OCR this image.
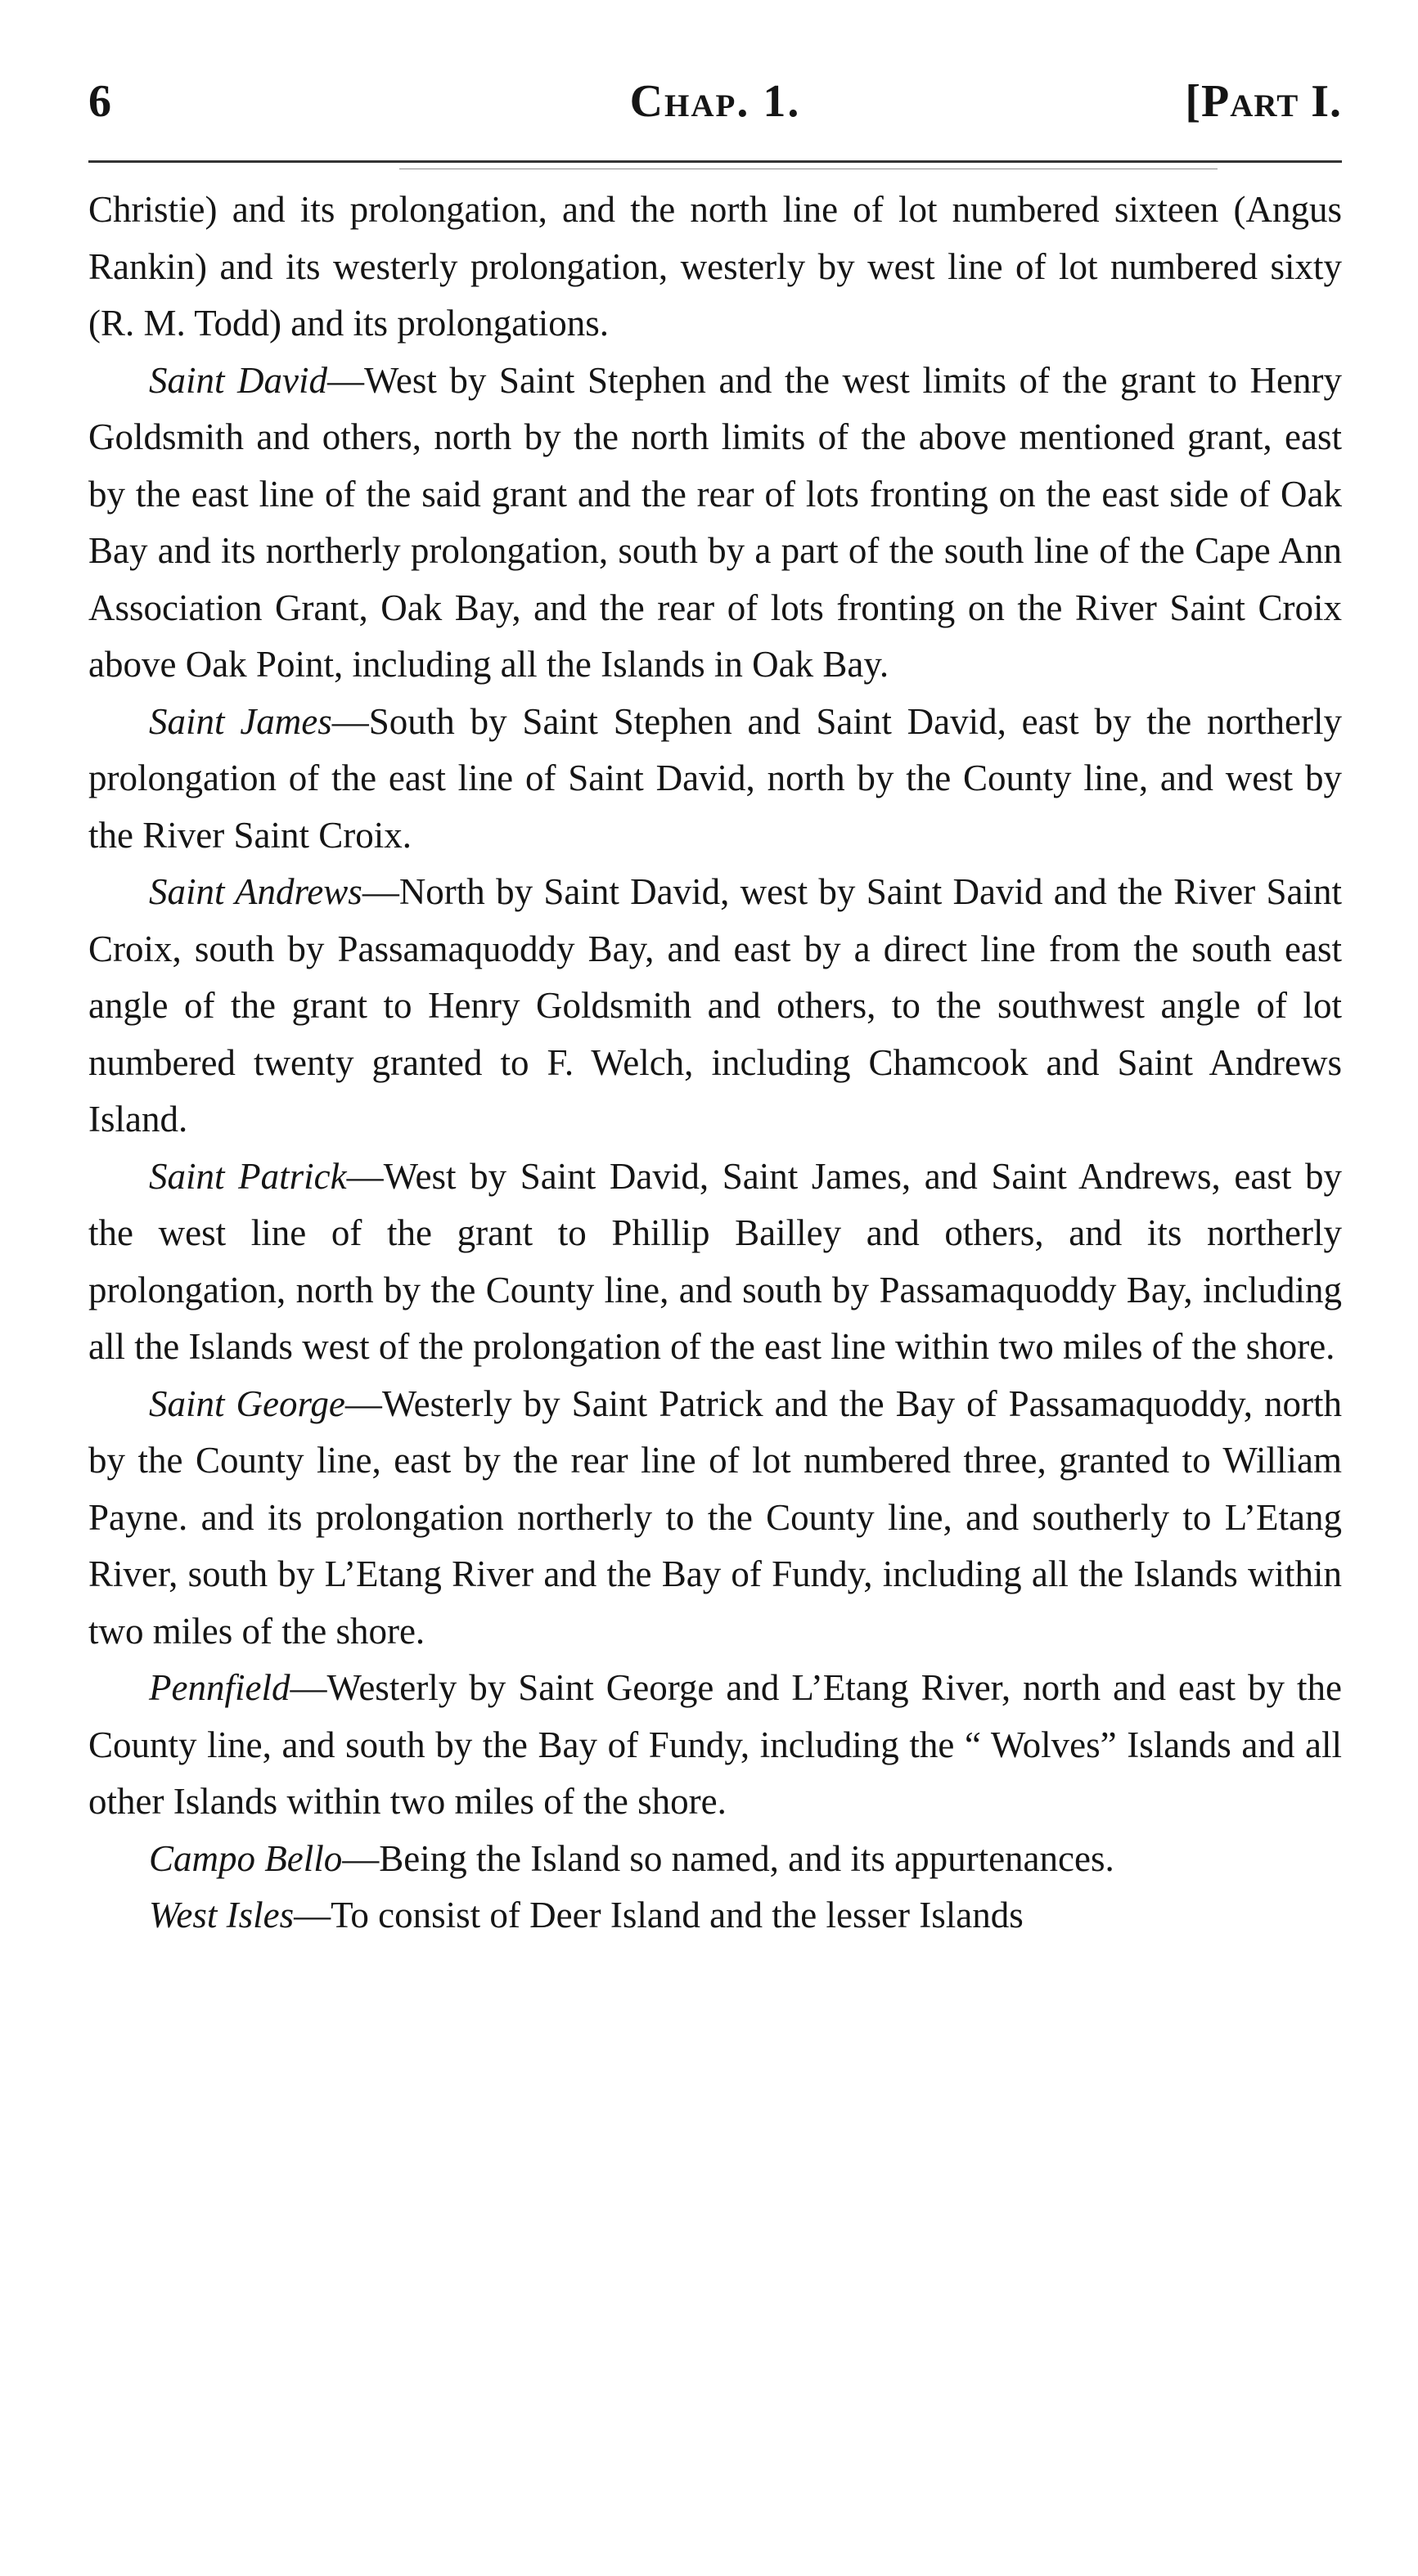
6	Chap. 1.	[Part I.

Christie) and its prolongation, and the north line of lot numbered sixteen (Angus Rankin) and its westerly prolongation, westerly by west line of lot numbered sixty (R. M. Todd) and its prolongations.

Saint David—West by Saint Stephen and the west limits of the grant to Henry Goldsmith and others, north by the north limits of the above mentioned grant, east by the east line of the said grant and the rear of lots fronting on the east side of Oak Bay and its northerly prolongation, south by a part of the south line of the Cape Ann Association Grant, Oak Bay, and the rear of lots fronting on the River Saint Croix above Oak Point, including all the Islands in Oak Bay.

Saint James—South by Saint Stephen and Saint David, east by the northerly prolongation of the east line of Saint David, north by the County line, and west by the River Saint Croix.

Saint Andrews—North by Saint David, west by Saint David and the River Saint Croix, south by Passamaquoddy Bay, and east by a direct line from the south east angle of the grant to Henry Goldsmith and others, to the southwest angle of lot numbered twenty granted to F. Welch, including Chamcook and Saint Andrews Island.

Saint Patrick—West by Saint David, Saint James, and Saint Andrews, east by the west line of the grant to Phillip Bailley and others, and its northerly prolongation, north by the County line, and south by Passamaquoddy Bay, including all the Islands west of the prolongation of the east line within two miles of the shore.

Saint George—Westerly by Saint Patrick and the Bay of Passamaquoddy, north by the County line, east by the rear line of lot numbered three, granted to William Payne. and its prolongation northerly to the County line, and southerly to L’Etang River, south by L’Etang River and the Bay of Fundy, including all the Islands within two miles of the shore.

Pennfield—Westerly by Saint George and L’Etang River, north and east by the County line, and south by the Bay of Fundy, including the “ Wolves” Islands and all other Islands within two miles of the shore.

Campo Bello—Being the Island so named, and its appurtenances.

West Isles—To consist of Deer Island and the lesser Islands
